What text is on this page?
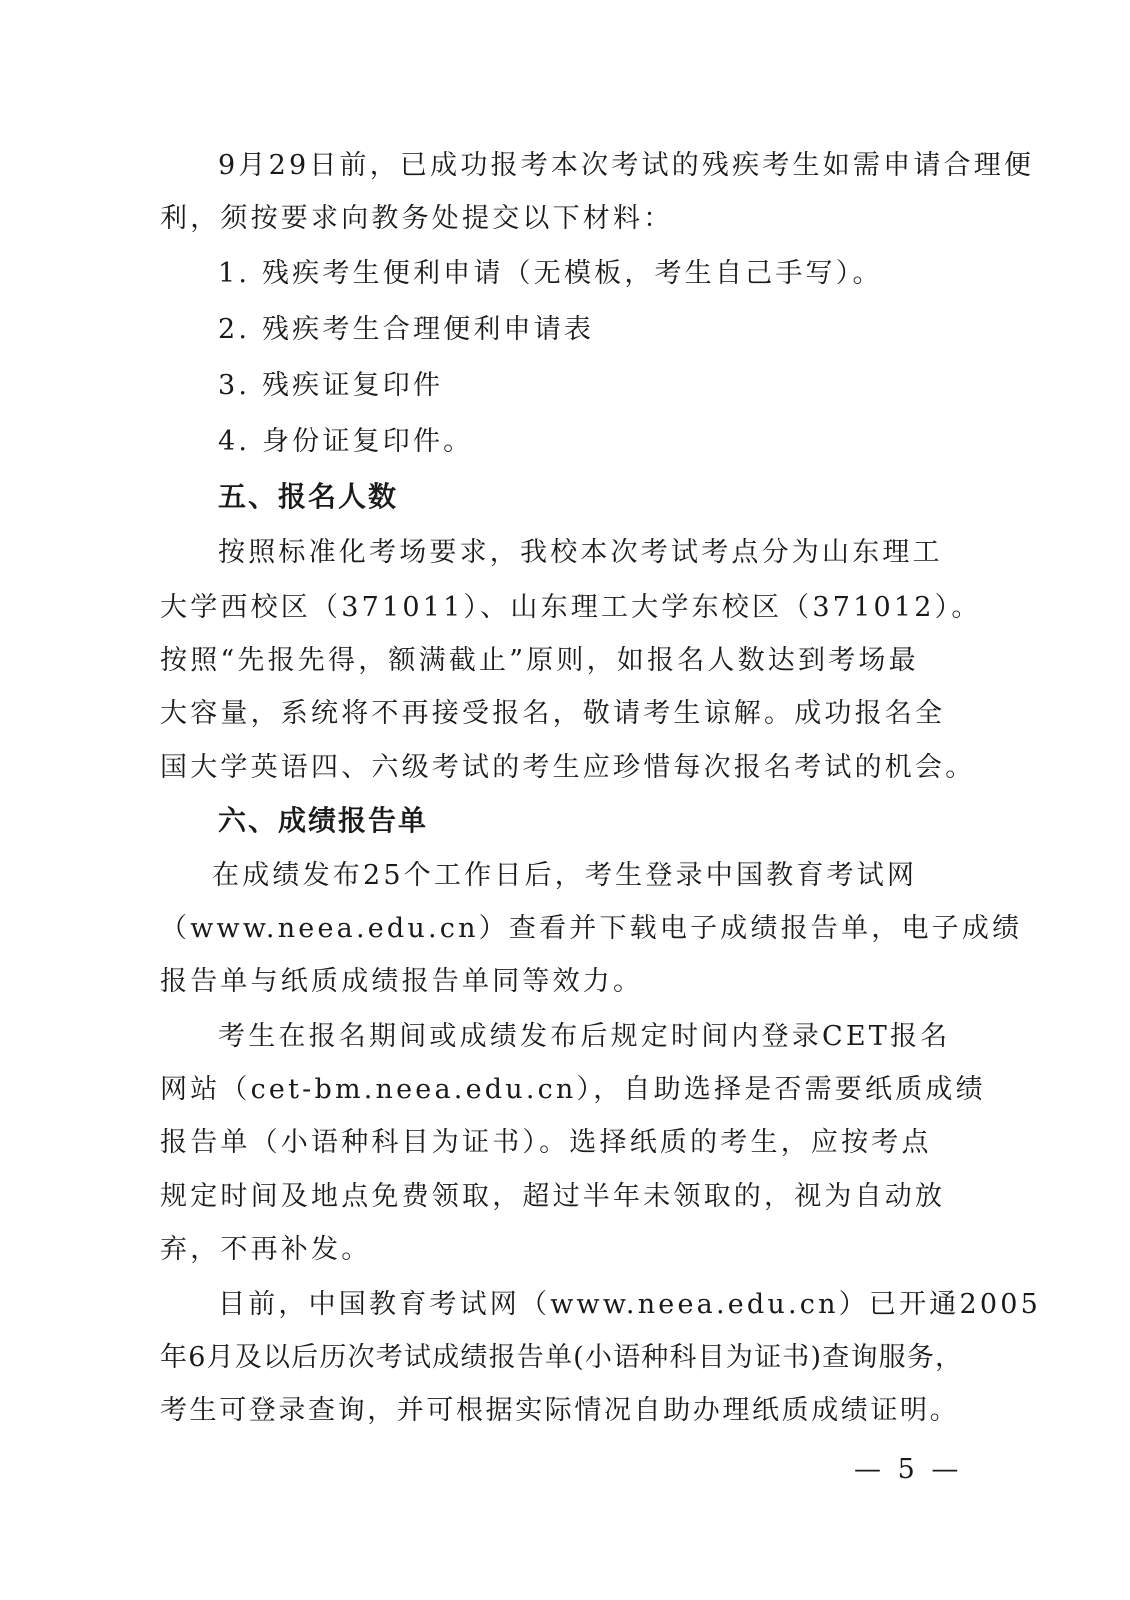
9月29日前，已成功报考本次考试的残疾考生如需申请合理便
利，须按要求向教务处提交以下材料：
1. 残疾考生便利申请（无模板，考生自己手写）。
2. 残疾考生合理便利申请表
3. 残疾证复印件
4. 身份证复印件。
五、报名人数
按照标准化考场要求，我校本次考试考点分为山东理工
大学西校区（371011）、山东理工大学东校区（371012）。
按照“先报先得，额满截止”原则，如报名人数达到考场最
大容量，系统将不再接受报名，敬请考生谅解。成功报名全
国大学英语四、六级考试的考生应珍惜每次报名考试的机会。
六、成绩报告单
在成绩发布25个工作日后，考生登录中国教育考试网
（www.neea.edu.cn）查看并下载电子成绩报告单，电子成绩
报告单与纸质成绩报告单同等效力。
考生在报名期间或成绩发布后规定时间内登录CET报名
网站（cet-bm.neea.edu.cn），自助选择是否需要纸质成绩
报告单（小语种科目为证书）。选择纸质的考生，应按考点
规定时间及地点免费领取，超过半年未领取的，视为自动放
弃，不再补发。
目前，中国教育考试网（www.neea.edu.cn）已开通2005
年6月及以后历次考试成绩报告单(小语种科目为证书)查询服务，
考生可登录查询，并可根据实际情况自助办理纸质成绩证明。
— 5 —
